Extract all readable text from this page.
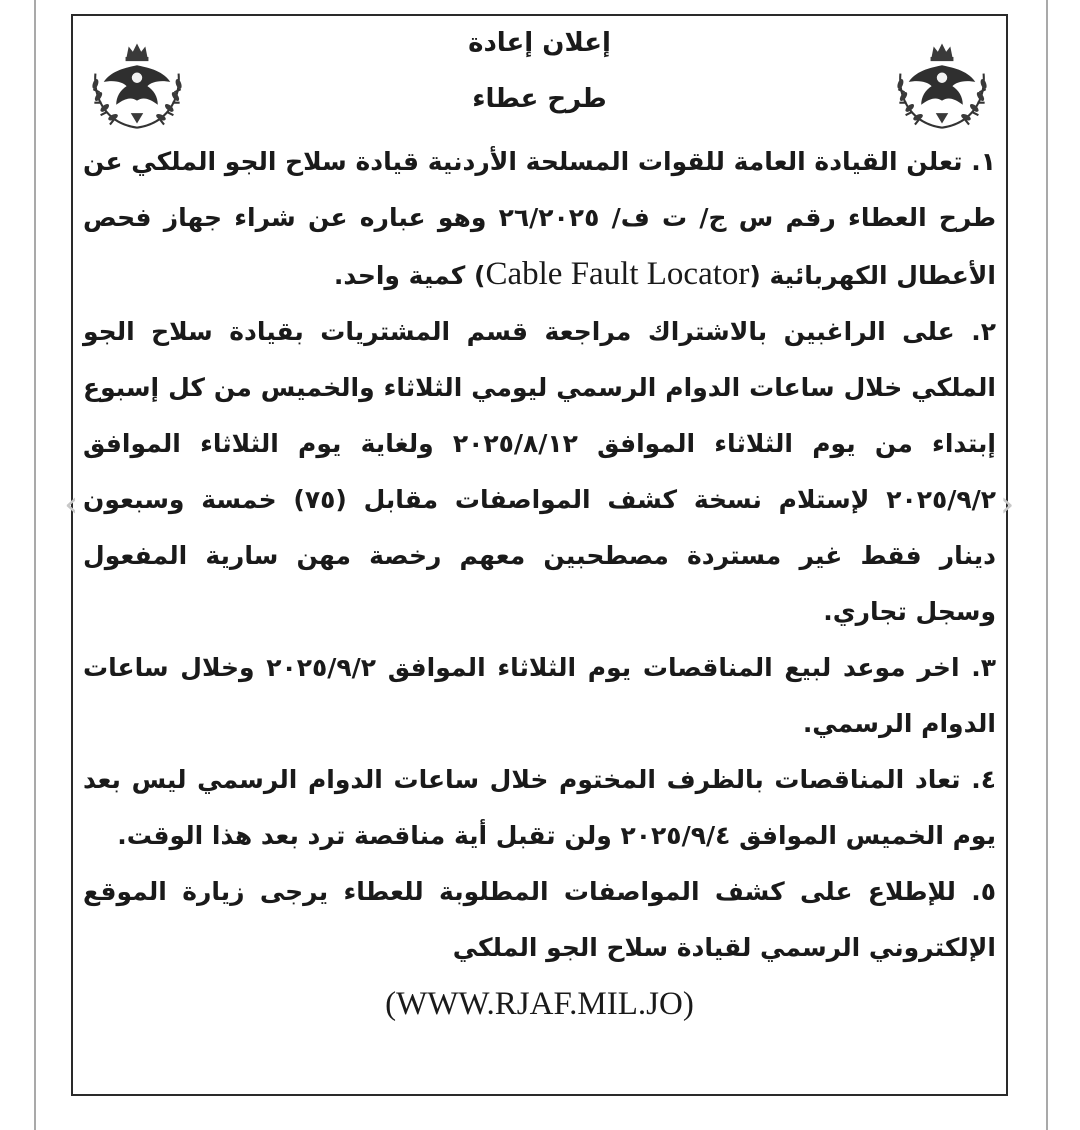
إعلان إعادة
طرح عطاء

١. تعلن القيادة العامة للقوات المسلحة الأردنية قيادة سلاح الجو الملكي عن طرح العطاء رقم س ج/ ت ف/ ٢٦/٢٠٢٥ وهو عباره عن شراء جهاز فحص الأعطال الكهربائية (Cable Fault Locator) كمية واحد.

٢. على الراغبين بالاشتراك مراجعة قسم المشتريات بقيادة سلاح الجو الملكي خلال ساعات الدوام الرسمي ليومي الثلاثاء والخميس من كل إسبوع إبتداء من يوم الثلاثاء الموافق ٢٠٢٥/٨/١٢ ولغاية يوم الثلاثاء الموافق ٢٠٢٥/٩/٢ لإستلام نسخة كشف المواصفات مقابل (٧٥) خمسة وسبعون دينار فقط غير مستردة مصطحبين معهم رخصة مهن سارية المفعول وسجل تجاري.

٣. اخر موعد لبيع المناقصات يوم الثلاثاء الموافق ٢٠٢٥/٩/٢ وخلال ساعات الدوام الرسمي.

٤. تعاد المناقصات بالظرف المختوم خلال ساعات الدوام الرسمي ليس بعد يوم الخميس الموافق ٢٠٢٥/٩/٤ ولن تقبل أية مناقصة ترد بعد هذا الوقت.

٥. للإطلاع على كشف المواصفات المطلوبة للعطاء يرجى زيارة الموقع الإلكتروني الرسمي لقيادة سلاح الجو الملكي

(WWW.RJAF.MIL.JO)
‹	›
